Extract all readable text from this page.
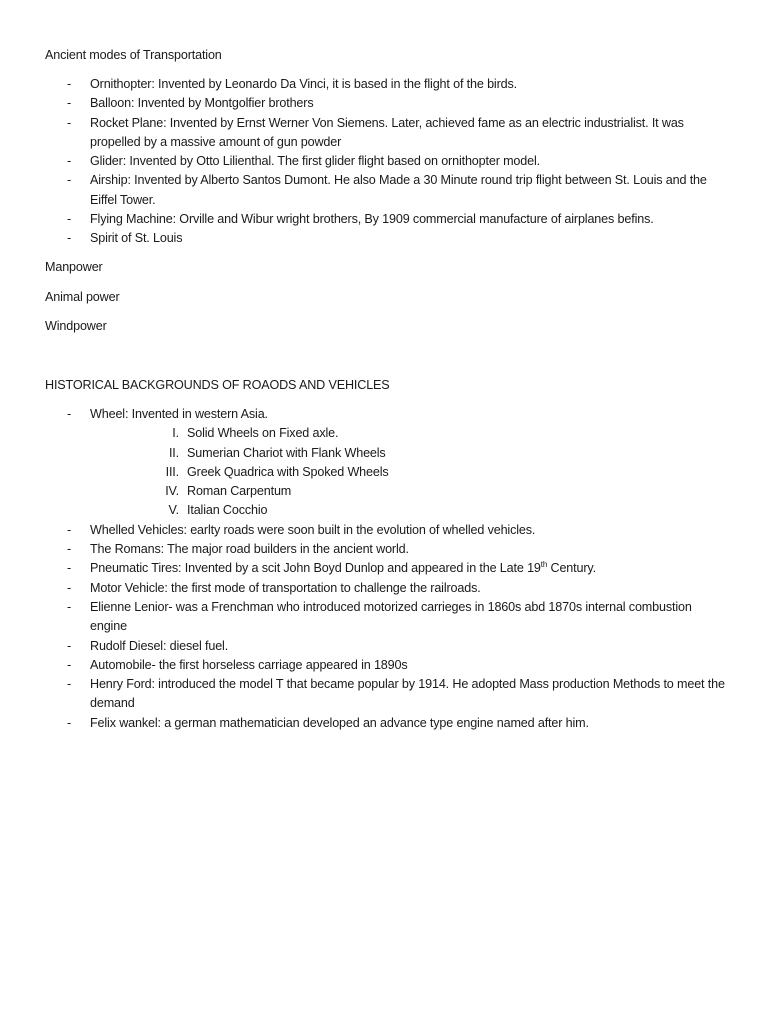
Ancient modes of Transportation

- Ornithopter: Invented by Leonardo Da Vinci, it is based in the flight of the birds.
- Balloon: Invented by Montgolfier brothers
- Rocket Plane: Invented by Ernst Werner Von Siemens. Later, achieved fame as an electric industrialist. It was propelled by a massive amount of gun powder
- Glider: Invented by Otto Lilienthal. The first glider flight based on ornithopter model.
- Airship: Invented by Alberto Santos Dumont. He also Made a 30 Minute round trip flight between St. Louis and the Eiffel Tower.
- Flying Machine: Orville and Wibur wright brothers, By 1909 commercial manufacture of airplanes befins.
- Spirit of St. Louis

Manpower

Animal power

Windpower

HISTORICAL BACKGROUNDS OF ROAODS AND VEHICLES

- Wheel: Invented in western Asia.
I. Solid Wheels on Fixed axle.
II. Sumerian Chariot with Flank Wheels
III. Greek Quadrica with Spoked Wheels
IV. Roman Carpentum
V. Italian Cocchio
- Whelled Vehicles: earlty roads were soon built in the evolution of whelled vehicles.
- The Romans: The major road builders in the ancient world.
- Pneumatic Tires: Invented by a scit John Boyd Dunlop and appeared in the Late 19th Century.
- Motor Vehicle: the first mode of transportation to challenge the railroads.
- Elienne Lenior- was a Frenchman who introduced motorized carrieges in 1860s abd 1870s internal combustion engine
- Rudolf Diesel: diesel fuel.
- Automobile- the first horseless carriage appeared in 1890s
- Henry Ford: introduced the model T that became popular by 1914. He adopted Mass production Methods to meet the demand
- Felix wankel: a german mathematician developed an advance type engine named after him.
